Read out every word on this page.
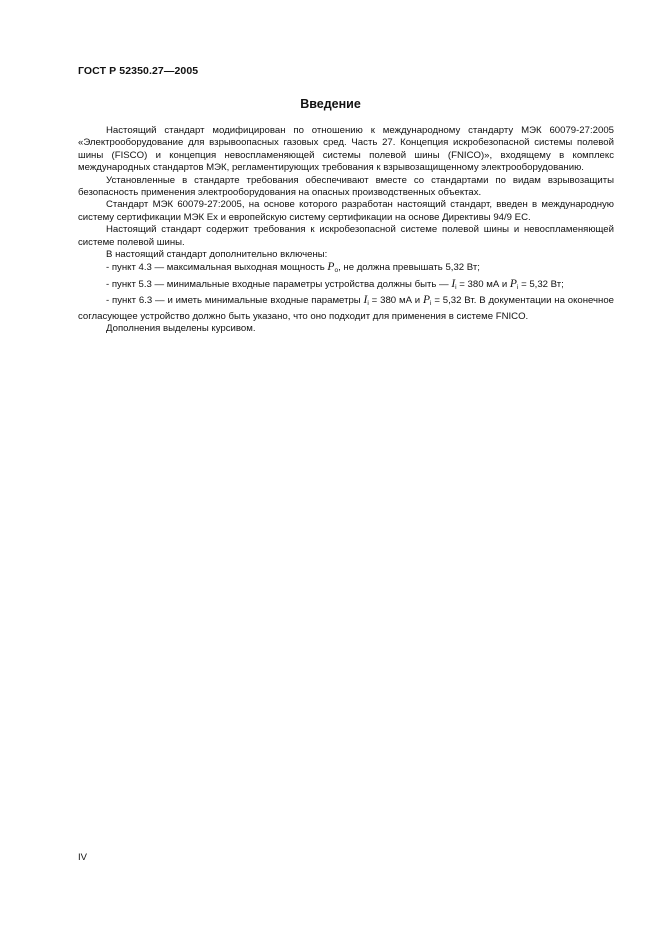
ГОСТ Р 52350.27—2005
Введение

Настоящий стандарт модифицирован по отношению к международному стандарту МЭК 60079-27:2005 «Электрооборудование для взрывоопасных газовых сред. Часть 27. Концепция искробезопасной системы полевой шины (FISCO) и концепция невоспламеняющей системы полевой шины (FNICO)», входящему в комплекс международных стандартов МЭК, регламентирующих требования к взрывозащищенному электрооборудованию.

Установленные в стандарте требования обеспечивают вместе со стандартами по видам взрывозащиты безопасность применения электрооборудования на опасных производственных объектах.

Стандарт МЭК 60079-27:2005, на основе которого разработан настоящий стандарт, введен в международную систему сертификации МЭК Ех и европейскую систему сертификации на основе Директивы 94/9 ЕС.

Настоящий стандарт содержит требования к искробезопасной системе полевой шины и невоспламеняющей системе полевой шины.

В настоящий стандарт дополнительно включены:

- пункт 4.3 — максимальная выходная мощность $P_o$, не должна превышать 5,32 Вт;

- пункт 5.3 — минимальные входные параметры устройства должны быть — $I_i = 380$ мА и $P_i = 5,32$ Вт;

- пункт 6.3 — и иметь минимальные входные параметры $I_i = 380$ мА и $P_i = 5,32$ Вт. В документации на оконечное согласующее устройство должно быть указано, что оно подходит для применения в системе FNICO.

Дополнения выделены курсивом.

IV
